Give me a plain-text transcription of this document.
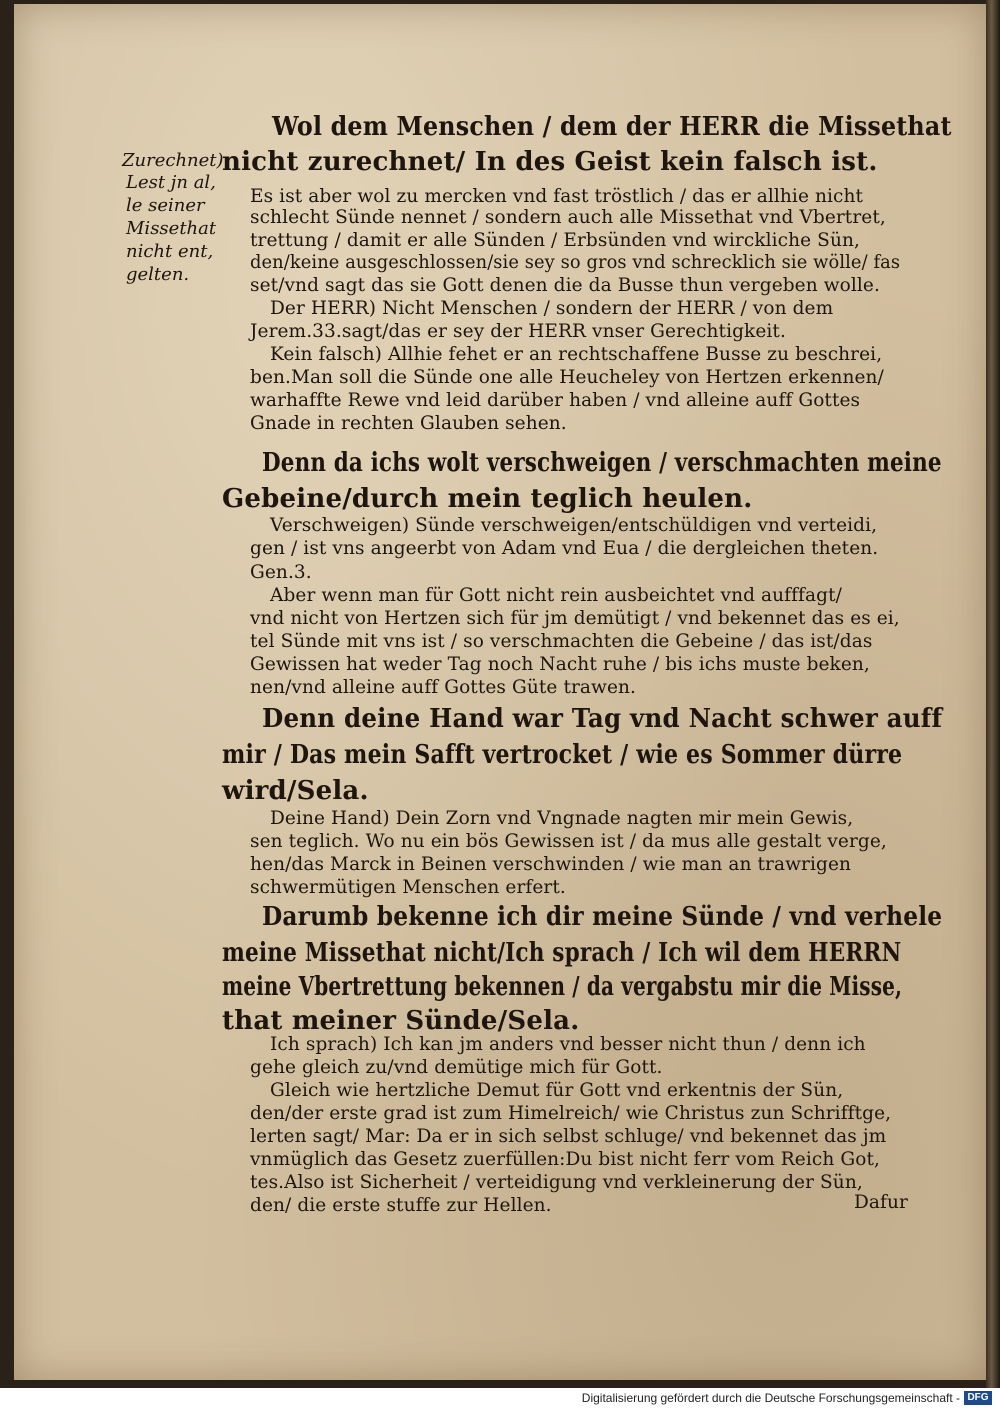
Zurechnet)
Lest jn al,
le seiner
Missethat
nicht ent,
gelten.
Wol dem Menschen / dem der HERR die Missethat
nicht zurechnet/ In des Geist kein falsch ist.
Es ist aber wol zu mercken vnd fast tröstlich / das er allhie nicht
schlecht Sünde nennet / sondern auch alle Missethat vnd Vbertret,
trettung / damit er alle Sünden / Erbsünden vnd wirckliche Sün,
den/keine ausgeschlossen/sie sey so gros vnd schrecklich sie wölle/ fas
set/vnd sagt das sie Gott denen die da Busse thun vergeben wolle.
Der HERR) Nicht Menschen / sondern der HERR / von dem
Jerem.33.sagt/das er sey der HERR vnser Gerechtigkeit.
Kein falsch) Allhie fehet er an rechtschaffene Busse zu beschrei,
ben.Man soll die Sünde one alle Heucheley von Hertzen erkennen/
warhaffte Rewe vnd leid darüber haben / vnd alleine auff Gottes
Gnade in rechten Glauben sehen.
Denn da ichs wolt verschweigen / verschmachten meine
Gebeine/durch mein teglich heulen.
Verschweigen) Sünde verschweigen/entschüldigen vnd verteidi,
gen / ist vns angeerbt von Adam vnd Eua / die dergleichen theten.
Gen.3.
Aber wenn man für Gott nicht rein ausbeichtet vnd aufffagt/
vnd nicht von Hertzen sich für jm demütigt / vnd bekennet das es ei,
tel Sünde mit vns ist / so verschmachten die Gebeine / das ist/das
Gewissen hat weder Tag noch Nacht ruhe / bis ichs muste beken,
nen/vnd alleine auff Gottes Güte trawen.
Denn deine Hand war Tag vnd Nacht schwer auff
mir / Das mein Safft vertrocket / wie es Sommer dürre
wird/Sela.
Deine Hand) Dein Zorn vnd Vngnade nagten mir mein Gewis,
sen teglich. Wo nu ein bös Gewissen ist / da mus alle gestalt verge,
hen/das Marck in Beinen verschwinden / wie man an trawrigen
schwermütigen Menschen erfert.
Darumb bekenne ich dir meine Sünde / vnd verhele
meine Missethat nicht/Ich sprach / Ich wil dem HERRN
meine Vbertrettung bekennen / da vergabstu mir die Misse,
that meiner Sünde/Sela.
Ich sprach) Ich kan jm anders vnd besser nicht thun / denn ich
gehe gleich zu/vnd demütige mich für Gott.
Gleich wie hertzliche Demut für Gott vnd erkentnis der Sün,
den/der erste grad ist zum Himelreich/ wie Christus zun Schrifftge,
lerten sagt/ Mar: Da er in sich selbst schluge/ vnd bekennet das jm
vnmüglich das Gesetz zuerfüllen:Du bist nicht ferr vom Reich Got,
tes.Also ist Sicherheit / verteidigung vnd verkleinerung der Sün,
den/ die erste stuffe zur Hellen.	Dafur
Digitalisierung gefördert durch die Deutsche Forschungsgemeinschaft - DFG
